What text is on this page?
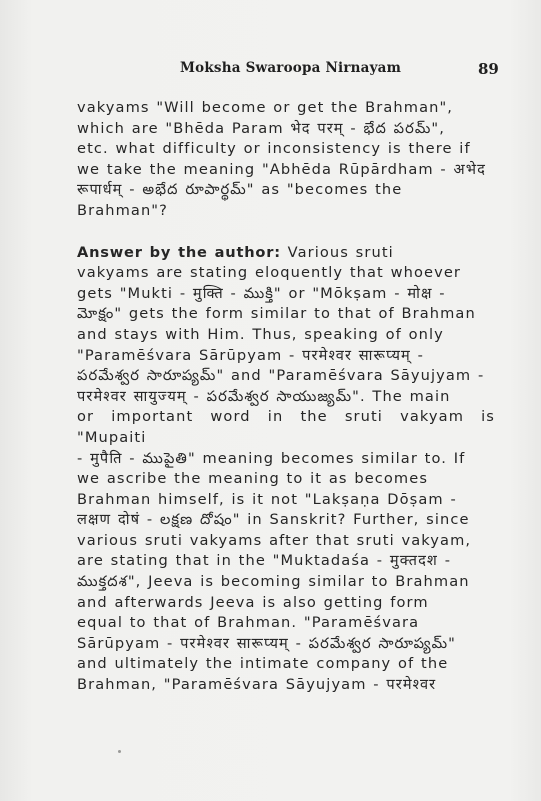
Moksha Swaroopa Nirnayam	89

vakyams "Will become or get the Brahman",
which are "Bhēda Param भेद परम् - భేద పరమ్",
etc. what difficulty or inconsistency is there if
we take the meaning "Abhēda Rūpārdham - अभेद
रूपार्धम् - అభేద రూపార్థమ్" as "becomes the
Brahman"?

Answer by the author: Various sruti
vakyams are stating eloquently that whoever
gets "Mukti - मुक्ति - ముక్తి" or "Mōkṣam - मोक्ष -
మోక్షం" gets the form similar to that of Brahman
and stays with Him. Thus, speaking of only
"Paramēśvara Sārūpyam - परमेश्वर सारूप्यम् -
పరమేశ్వర సారూప్యమ్" and "Paramēśvara Sāyujyam -
परमेश्वर सायुज्यम् - పరమేశ్వర సాయుజ్యమ్". The main
or important word in the sruti vakyam is "Mupaiti
- मुपैति - ముపైతి" meaning becomes similar to. If
we ascribe the meaning to it as becomes
Brahman himself, is it not "Lakṣaṇa Dōṣam -
लक्षण दोषं - లక్షణ దోషం" in Sanskrit? Further, since
various sruti vakyams after that sruti vakyam,
are stating that in the "Muktadaśa - मुक्तदश -
ముక్తదశ", Jeeva is becoming similar to Brahman
and afterwards Jeeva is also getting form
equal to that of Brahman. "Paramēśvara
Sārūpyam - परमेश्वर सारूप्यम् - పరమేశ్వర సారూప్యమ్"
and ultimately the intimate company of the
Brahman, "Paramēśvara Sāyujyam - परमेश्वर
